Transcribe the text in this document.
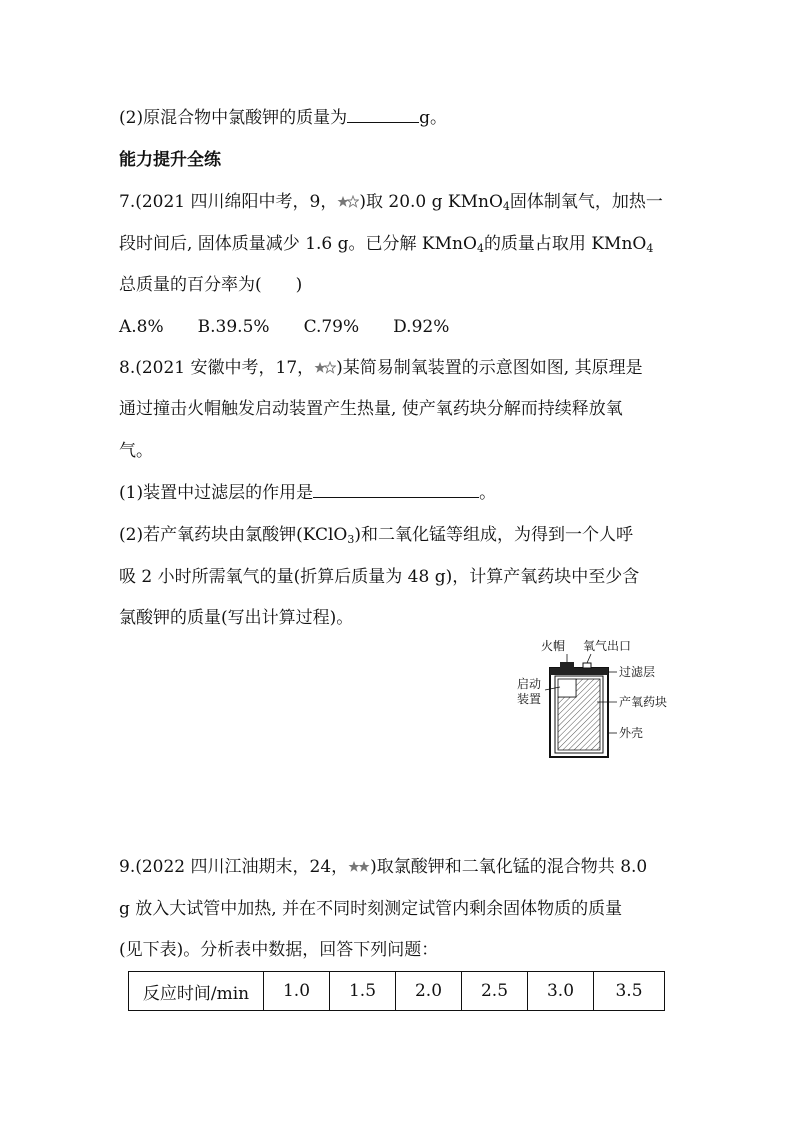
(2)原混合物中氯酸钾的质量为	g。
能力提升全练
7.(2021 四川绵阳中考，9， )取 20.0 g KMnO$_4$固体制氧气，加热一
段时间后, 固体质量减少 1.6 g。已分解 KMnO$_4$的质量占取用 KMnO$_4$
总质量的百分率为(　　)
A.8% B.39.5% C.79% D.92%
8.(2021 安徽中考，17， )某简易制氧装置的示意图如图, 其原理是
通过撞击火帽触发启动装置产生热量, 使产氧药块分解而持续释放氧
气。
(1)装置中过滤层的作用是	。
(2)若产氧药块由氯酸钾(KClO$_3$)和二氧化锰等组成，为得到一个人呼
吸 2 小时所需氧气的量(折算后质量为 48 g)，计算产氧药块中至少含
氯酸钾的质量(写出计算过程)。
火帽 氧气出口
过滤层
启动
装置	产氧药块
外壳
9.(2022 四川江油期末，24， )取氯酸钾和二氧化锰的混合物共 8.0
g 放入大试管中加热, 并在不同时刻测定试管内剩余固体物质的质量
(见下表)。分析表中数据，回答下列问题：
反应时间/min	1.0	1.5	2.0	2.5	3.0	3.5
